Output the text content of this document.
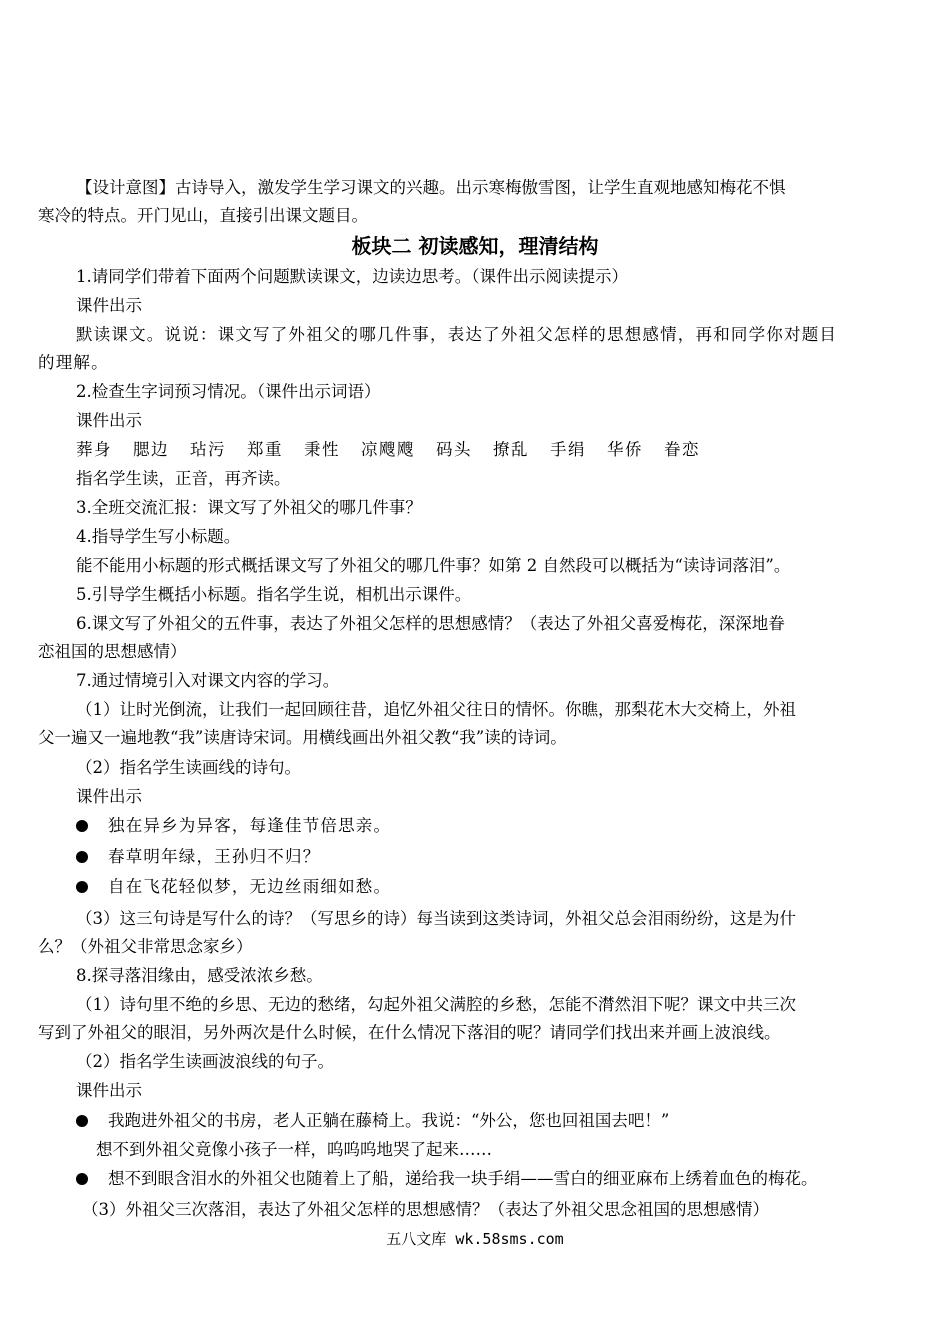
【设计意图】古诗导入，激发学生学习课文的兴趣。出示寒梅傲雪图，让学生直观地感知梅花不惧

寒冷的特点。开门见山，直接引出课文题目。

板块二 初读感知，理清结构

1.请同学们带着下面两个问题默读课文，边读边思考。（课件出示阅读提示）

课件出示

默读课文。说说：课文写了外祖父的哪几件事，表达了外祖父怎样的思想感情，再和同学你对题目

的理解。

2.检查生字词预习情况。（课件出示词语）

课件出示

葬身 腮边 玷污 郑重 秉性 凉飕飕 码头 撩乱 手绢 华侨 眷恋

指名学生读，正音，再齐读。

3.全班交流汇报：课文写了外祖父的哪几件事？

4.指导学生写小标题。

能不能用小标题的形式概括课文写了外祖父的哪几件事？如第 2 自然段可以概括为“读诗词落泪”。

5.引导学生概括小标题。指名学生说，相机出示课件。

6.课文写了外祖父的五件事，表达了外祖父怎样的思想感情？（表达了外祖父喜爱梅花，深深地眷

恋祖国的思想感情）

7.通过情境引入对课文内容的学习。

（1）让时光倒流，让我们一起回顾往昔，追忆外祖父往日的情怀。你瞧，那梨花木大交椅上，外祖

父一遍又一遍地教“我”读唐诗宋词。用横线画出外祖父教“我”读的诗词。

（2）指名学生读画线的诗句。

课件出示

独在异乡为异客，每逢佳节倍思亲。

春草明年绿，王孙归不归？

自在飞花轻似梦，无边丝雨细如愁。

（3）这三句诗是写什么的诗？（写思乡的诗）每当读到这类诗词，外祖父总会泪雨纷纷，这是为什

么？（外祖父非常思念家乡）

8.探寻落泪缘由，感受浓浓乡愁。

（1）诗句里不绝的乡思、无边的愁绪，勾起外祖父满腔的乡愁，怎能不潸然泪下呢？课文中共三次

写到了外祖父的眼泪，另外两次是什么时候，在什么情况下落泪的呢？请同学们找出来并画上波浪线。

（2）指名学生读画波浪线的句子。

课件出示

我跑进外祖父的书房，老人正躺在藤椅上。我说：“外公，您也回祖国去吧！”

想不到外祖父竟像小孩子一样，呜呜呜地哭了起来……

想不到眼含泪水的外祖父也随着上了船，递给我一块手绢——雪白的细亚麻布上绣着血色的梅花。

（3）外祖父三次落泪，表达了外祖父怎样的思想感情？（表达了外祖父思念祖国的思想感情）

五八文库 wk.58sms.com
